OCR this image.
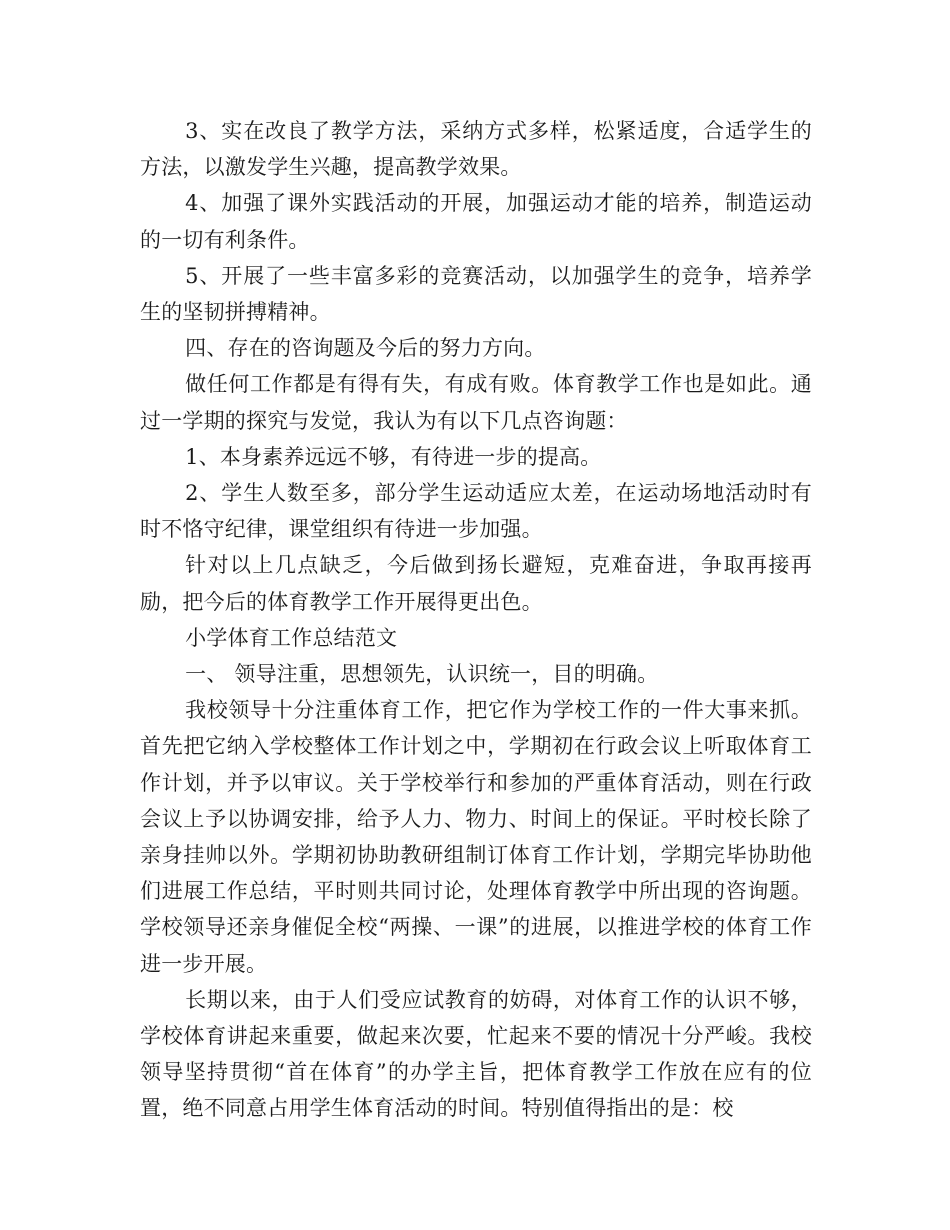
3、实在改良了教学方法，采纳方式多样，松紧适度，合适学生的方法，以激发学生兴趣，提高教学效果。

4、加强了课外实践活动的开展，加强运动才能的培养，制造运动的一切有利条件。

5、开展了一些丰富多彩的竞赛活动，以加强学生的竞争，培养学生的坚韧拼搏精神。

四、存在的咨询题及今后的努力方向。

做任何工作都是有得有失，有成有败。体育教学工作也是如此。通过一学期的探究与发觉，我认为有以下几点咨询题：

1、本身素养远远不够，有待进一步的提高。

2、学生人数至多，部分学生运动适应太差，在运动场地活动时有时不恪守纪律，课堂组织有待进一步加强。

针对以上几点缺乏，今后做到扬长避短，克难奋进，争取再接再励，把今后的体育教学工作开展得更出色。

小学体育工作总结范文

一、 领导注重，思想领先，认识统一，目的明确。

我校领导十分注重体育工作，把它作为学校工作的一件大事来抓。首先把它纳入学校整体工作计划之中，学期初在行政会议上听取体育工作计划，并予以审议。关于学校举行和参加的严重体育活动，则在行政会议上予以协调安排，给予人力、物力、时间上的保证。平时校长除了亲身挂帅以外。学期初协助教研组制订体育工作计划，学期完毕协助他们进展工作总结，平时则共同讨论，处理体育教学中所出现的咨询题。学校领导还亲身催促全校“两操、一课”的进展，以推进学校的体育工作进一步开展。

长期以来，由于人们受应试教育的妨碍，对体育工作的认识不够，学校体育讲起来重要，做起来次要，忙起来不要的情况十分严峻。我校领导坚持贯彻“首在体育”的办学主旨，把体育教学工作放在应有的位置，绝不同意占用学生体育活动的时间。特别值得指出的是：校
